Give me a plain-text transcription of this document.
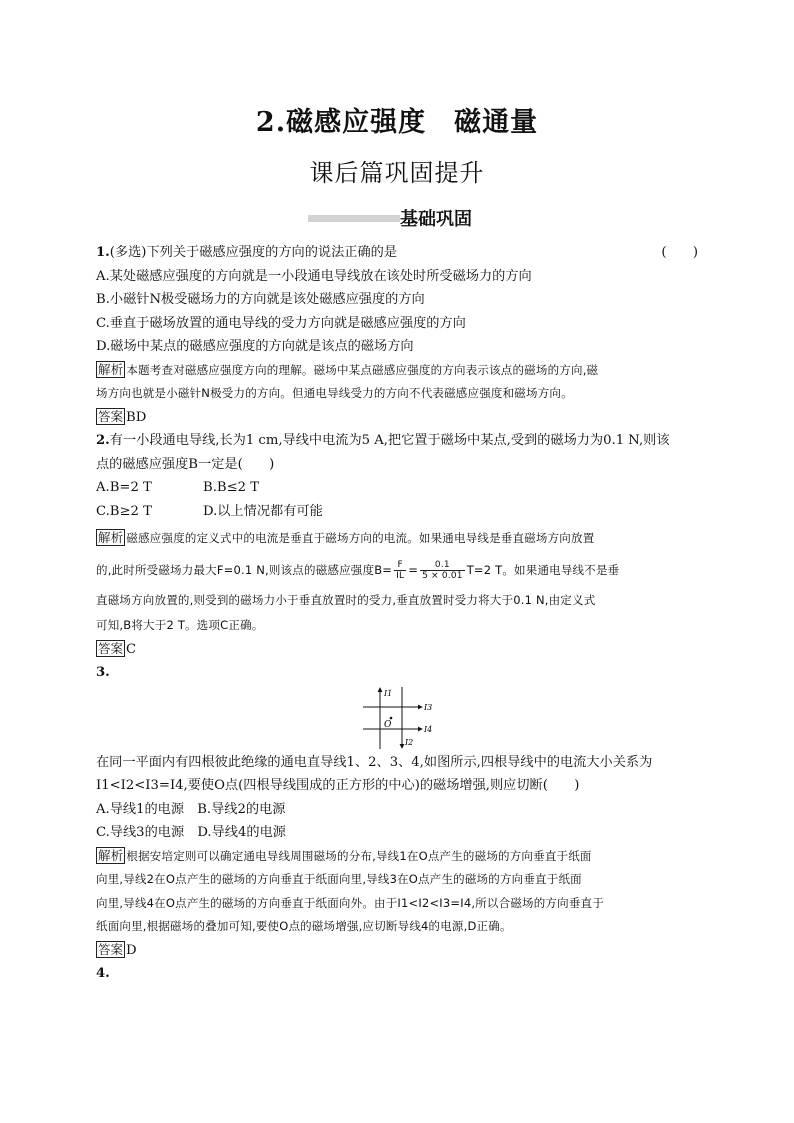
2.磁感应强度　磁通量
课后篇巩固提升
基础巩固
1.(多选)下列关于磁感应强度的方向的说法正确的是	(　　)
A.某处磁感应强度的方向就是一小段通电导线放在该处时所受磁场力的方向
B.小磁针N极受磁场力的方向就是该处磁感应强度的方向
C.垂直于磁场放置的通电导线的受力方向就是磁感应强度的方向
D.磁场中某点的磁感应强度的方向就是该点的磁场方向
解析 本题考查对磁感应强度方向的理解。磁场中某点磁感应强度的方向表示该点的磁场的方向,磁
场方向也就是小磁针N极受力的方向。但通电导线受力的方向不代表磁感应强度和磁场方向。
答案 BD
2.有一小段通电导线,长为1 cm,导线中电流为5 A,把它置于磁场中某点,受到的磁场力为0.1 N,则该
点的磁感应强度B一定是(　　)
A.B=2 T	B.B≤2 T
C.B≥2 T	D.以上情况都有可能
解析 磁感应强度的定义式中的电流是垂直于磁场方向的电流。如果通电导线是垂直磁场方向放置
的,此时所受磁场力最大F=0.1 N,则该点的磁感应强度$B= \frac{F}{IL} = \frac{0.1}{5 \times 0.01} T=2$ T。如果通电导线不是垂
直磁场方向放置的,则受到的磁场力小于垂直放置时的受力,垂直放置时受力将大于0.1 N,由定义式
可知,B将大于2 T。选项C正确。
答案 C
3.
I1
I2
I3
I4
O
在同一平面内有四根彼此绝缘的通电直导线1、2、3、4,如图所示,四根导线中的电流大小关系为
I1<I2<I3=I4,要使O点(四根导线围成的正方形的中心)的磁场增强,则应切断(　　)
A.导线1的电源　B.导线2的电源
C.导线3的电源　D.导线4的电源
解析 根据安培定则可以确定通电导线周围磁场的分布,导线1在O点产生的磁场的方向垂直于纸面
向里,导线2在O点产生的磁场的方向垂直于纸面向里,导线3在O点产生的磁场的方向垂直于纸面
向里,导线4在O点产生的磁场的方向垂直于纸面向外。由于I1<I2<I3=I4,所以合磁场的方向垂直于
纸面向里,根据磁场的叠加可知,要使O点的磁场增强,应切断导线4的电源,D正确。
答案 D
4.
